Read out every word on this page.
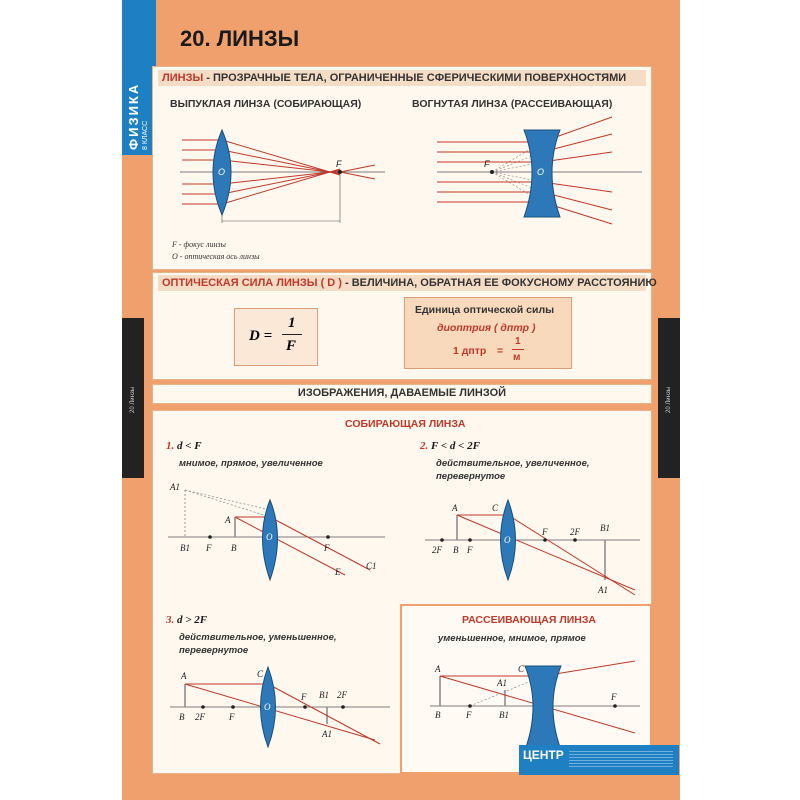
ФИЗИКА 8 КЛАСС
20 Линзы	20 Линзы
20. ЛИНЗЫ
ЛИНЗЫ - ПРОЗРАЧНЫЕ ТЕЛА, ОГРАНИЧЕННЫЕ СФЕРИЧЕСКИМИ ПОВЕРХНОСТЯМИ
ВЫПУКЛАЯ ЛИНЗА (СОБИРАЮЩАЯ)	ВОГНУТАЯ ЛИНЗА (РАССЕИВАЮЩАЯ)
O
F
F - фокус линзы
O - оптическая ось линзы
O
F
ОПТИЧЕСКАЯ СИЛА ЛИНЗЫ ( D ) - ВЕЛИЧИНА, ОБРАТНАЯ ЕЕ ФОКУСНОМУ РАССТОЯНИЮ
D =
1
F
Единица оптической силы
диоптрия ( дптр )
1 дптр =
1
м
ИЗОБРАЖЕНИЯ, ДАВАЕМЫЕ ЛИНЗОЙ
СОБИРАЮЩАЯ ЛИНЗА
1. d < F
мнимое, прямое, увеличенное
A1
A
B1 F B
O
F
E
C1
2. F < d < 2F
действительное, увеличенное, перевернутое
A	C
F	2F B1
2F B F
O
A1
3. d > 2F
действительное, уменьшенное, перевернутое
C
A
F B1 2F
B 2F	F
O
A1
РАССЕИВАЮЩАЯ ЛИНЗА
уменьшенное, мнимое, прямое
A	C
A1
B	F	B1
F
ЦЕНТР
